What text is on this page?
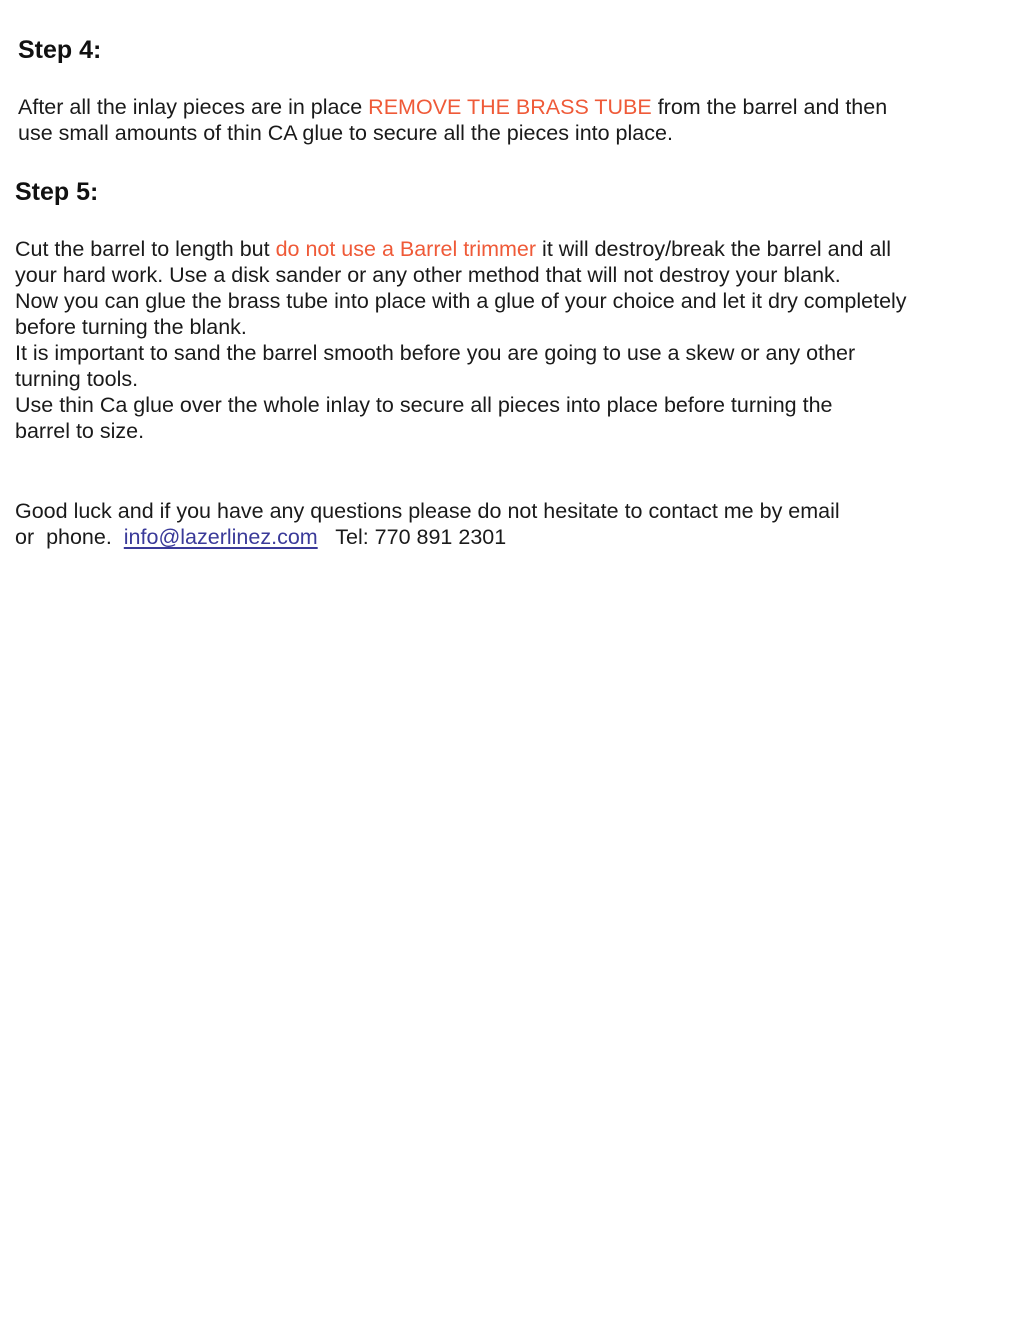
Step 4:

After all the inlay pieces are in place REMOVE THE BRASS TUBE from the barrel and then

use small amounts of thin CA glue to secure all the pieces into place.

Step 5:

Cut the barrel to length but do not use a Barrel trimmer it will destroy/break the barrel and all

your hard work. Use a disk sander or any other method that will not destroy your blank.

Now you can glue the brass tube into place with a glue of your choice and let it dry completely

before turning the blank.

It is important to sand the barrel smooth before you are going to use a skew or any other

turning tools.

Use thin Ca glue over the whole inlay to secure all pieces into place before turning the

barrel to size.

Good luck and if you have any questions please do not hesitate to contact me by email

or  phone.  info@lazerlinez.com Tel: 770 891 2301
